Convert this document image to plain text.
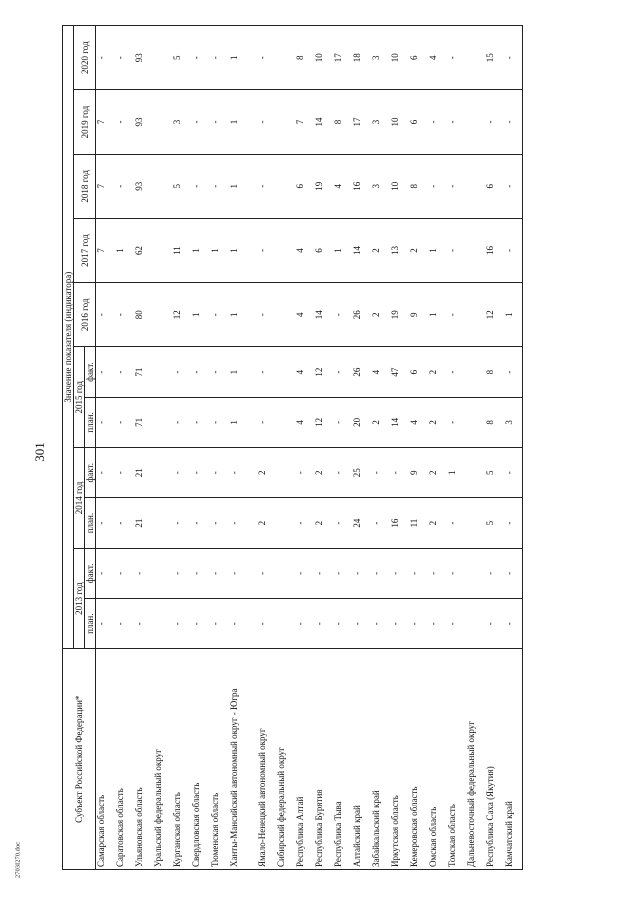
301
2703I270.doc
Субъект Российской Федерации*	Значение показателя (индикатора)										
	2013 год		2014 год		2015 год		2016 год	2017 год	2018 год	2019 год	2020 год
	план.	факт.	план.	факт.	план.	факт.					
Самарская область	-	-	-	-	-	-	-	7	7	7	-
Саратовская область	-	-	-	-	-	-	-	1	-	-	-
Ульяновская область	-	-	21	21	71	71	80	62	93	93	93
Уральский федеральный округ											
Курганская область	-	-	-	-	-	-	12	11	5	3	5
Свердловская область	-	-	-	-	-	-	1	1	-	-	-
Тюменская область	-	-	-	-	-	-	-	1	-	-	-
Ханты-Мансийский автономный округ - Югра	-	-	-	-	1	1	1	1	1	1	1
Ямало-Ненецкий автономный округ	-	-	2	2	-	-	-	-	-	-	-
Сибирский федеральный округ											
Республика Алтай	-	-	-	-	4	4	4	4	6	7	8
Республика Бурятия	-	-	2	2	12	12	14	6	19	14	10
Республика Тыва	-	-	-	-	-	-	-	1	4	8	17
Алтайский край	-	-	24	25	20	26	26	14	16	17	18
Забайкальский край	-	-	-	-	2	4	2	2	3	3	3
Иркутская область	-	-	16	-	14	47	19	13	10	10	10
Кемеровская область	-	-	11	9	4	6	9	2	8	6	6
Омская область	-	-	2	2	2	2	1	1	-	-	4
Томская область	-	-	-	1	-	-	-	-	-	-	-
Дальневосточный федеральный округ											
Республика Саха (Якутия)	-	-	5	5	8	8	12	16	6	-	15
Камчатский край	-	-	-	-	3	-	1	-	-	-	-
